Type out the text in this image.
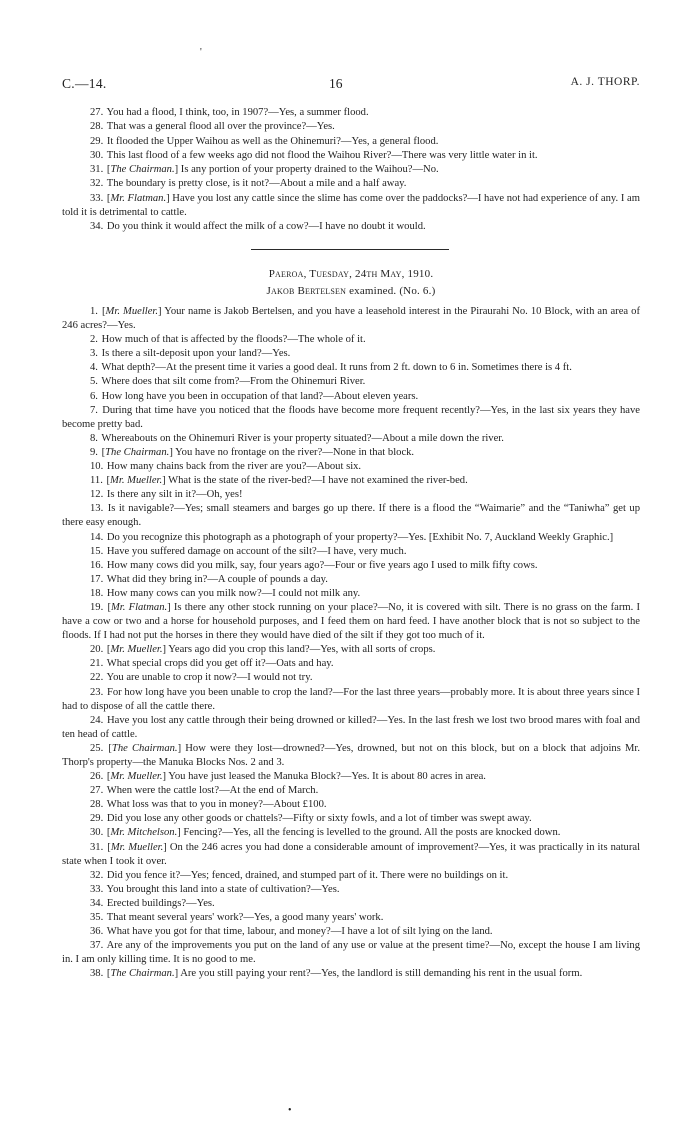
'
C.—14.	16	A. J. THORP.

27. You had a flood, I think, too, in 1907?—Yes, a summer flood.

28. That was a general flood all over the province?—Yes.

29. It flooded the Upper Waihou as well as the Ohinemuri?—Yes, a general flood.

30. This last flood of a few weeks ago did not flood the Waihou River?—There was very little water in it.

31. [The Chairman.] Is any portion of your property drained to the Waihou?—No.

32. The boundary is pretty close, is it not?—About a mile and a half away.

33. [Mr. Flatman.] Have you lost any cattle since the slime has come over the paddocks?—I have not had experience of any. I am told it is detrimental to cattle.

34. Do you think it would affect the milk of a cow?—I have no doubt it would.

Paeroa, Tuesday, 24th May, 1910.
Jakob Bertelsen examined. (No. 6.)

1. [Mr. Mueller.] Your name is Jakob Bertelsen, and you have a leasehold interest in the Piraurahi No. 10 Block, with an area of 246 acres?—Yes.

2. How much of that is affected by the floods?—The whole of it.

3. Is there a silt-deposit upon your land?—Yes.

4. What depth?—At the present time it varies a good deal. It runs from 2 ft. down to 6 in. Sometimes there is 4 ft.

5. Where does that silt come from?—From the Ohinemuri River.

6. How long have you been in occupation of that land?—About eleven years.

7. During that time have you noticed that the floods have become more frequent recently?—Yes, in the last six years they have become pretty bad.

8. Whereabouts on the Ohinemuri River is your property situated?—About a mile down the river.

9. [The Chairman.] You have no frontage on the river?—None in that block.

10. How many chains back from the river are you?—About six.

11. [Mr. Mueller.] What is the state of the river-bed?—I have not examined the river-bed.

12. Is there any silt in it?—Oh, yes!

13. Is it navigable?—Yes; small steamers and barges go up there. If there is a flood the “Waimarie” and the “Taniwha” get up there easy enough.

14. Do you recognize this photograph as a photograph of your property?—Yes. [Exhibit No. 7, Auckland Weekly Graphic.]

15. Have you suffered damage on account of the silt?—I have, very much.

16. How many cows did you milk, say, four years ago?—Four or five years ago I used to milk fifty cows.

17. What did they bring in?—A couple of pounds a day.

18. How many cows can you milk now?—I could not milk any.

19. [Mr. Flatman.] Is there any other stock running on your place?—No, it is covered with silt. There is no grass on the farm. I have a cow or two and a horse for household purposes, and I feed them on hard feed. I have another block that is not so subject to the floods. If I had not put the horses in there they would have died of the silt if they got too much of it.

20. [Mr. Mueller.] Years ago did you crop this land?—Yes, with all sorts of crops.

21. What special crops did you get off it?—Oats and hay.

22. You are unable to crop it now?—I would not try.

23. For how long have you been unable to crop the land?—For the last three years—probably more. It is about three years since I had to dispose of all the cattle there.

24. Have you lost any cattle through their being drowned or killed?—Yes. In the last fresh we lost two brood mares with foal and ten head of cattle.

25. [The Chairman.] How were they lost—drowned?—Yes, drowned, but not on this block, but on a block that adjoins Mr. Thorp's property—the Manuka Blocks Nos. 2 and 3.

26. [Mr. Mueller.] You have just leased the Manuka Block?—Yes. It is about 80 acres in area.

27. When were the cattle lost?—At the end of March.

28. What loss was that to you in money?—About £100.

29. Did you lose any other goods or chattels?—Fifty or sixty fowls, and a lot of timber was swept away.

30. [Mr. Mitchelson.] Fencing?—Yes, all the fencing is levelled to the ground. All the posts are knocked down.

31. [Mr. Mueller.] On the 246 acres you had done a considerable amount of improvement?—Yes, it was practically in its natural state when I took it over.

32. Did you fence it?—Yes; fenced, drained, and stumped part of it. There were no buildings on it.

33. You brought this land into a state of cultivation?—Yes.

34. Erected buildings?—Yes.

35. That meant several years' work?—Yes, a good many years' work.

36. What have you got for that time, labour, and money?—I have a lot of silt lying on the land.

37. Are any of the improvements you put on the land of any use or value at the present time?—No, except the house I am living in. I am only killing time. It is no good to me.

38. [The Chairman.] Are you still paying your rent?—Yes, the landlord is still demanding his rent in the usual form.

•
